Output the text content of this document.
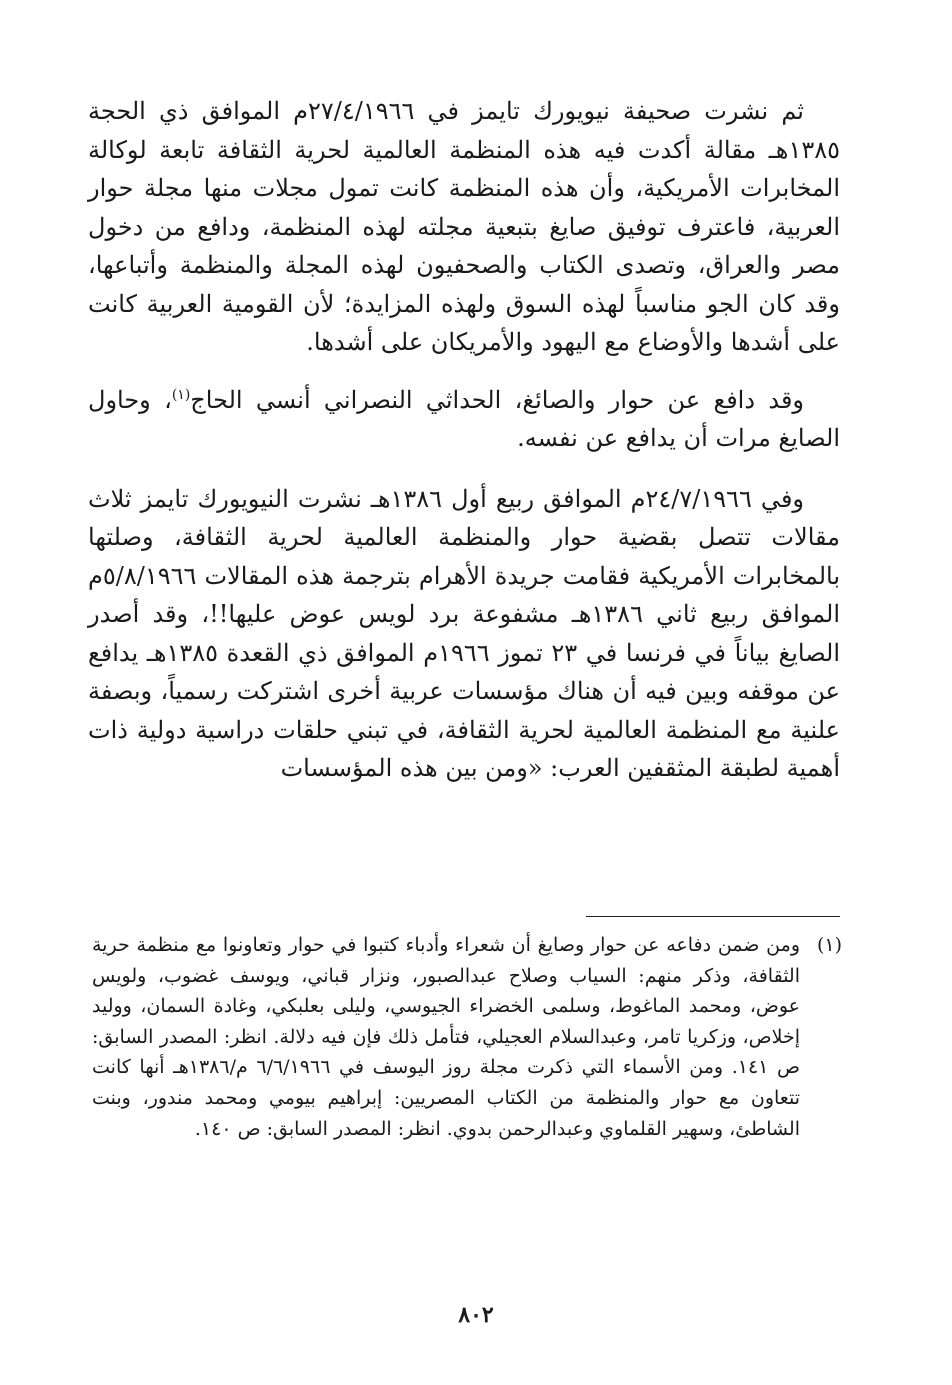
ثم نشرت صحيفة نيويورك تايمز في ٢٧/٤/١٩٦٦م الموافق ذي الحجة ١٣٨٥هـ مقالة أكدت فيه هذه المنظمة العالمية لحرية الثقافة تابعة لوكالة المخابرات الأمريكية، وأن هذه المنظمة كانت تمول مجلات منها مجلة حوار العربية، فاعترف توفيق صايغ بتبعية مجلته لهذه المنظمة، ودافع من دخول مصر والعراق، وتصدى الكتاب والصحفيون لهذه المجلة والمنظمة وأتباعها، وقد كان الجو مناسباً لهذه السوق ولهذه المزايدة؛ لأن القومية العربية كانت على أشدها والأوضاع مع اليهود والأمريكان على أشدها.

وقد دافع عن حوار والصائغ، الحداثي النصراني أنسي الحاج$^{(١)}$، وحاول الصايغ مرات أن يدافع عن نفسه.

وفي ٢٤/٧/١٩٦٦م الموافق ربيع أول ١٣٨٦هـ نشرت النيويورك تايمز ثلاث مقالات تتصل بقضية حوار والمنظمة العالمية لحرية الثقافة، وصلتها بالمخابرات الأمريكية فقامت جريدة الأهرام بترجمة هذه المقالات ٥/٨/١٩٦٦م الموافق ربيع ثاني ١٣٨٦هـ مشفوعة برد لويس عوض عليها!!، وقد أصدر الصايغ بياناً في فرنسا في ٢٣ تموز ١٩٦٦م الموافق ذي القعدة ١٣٨٥هـ يدافع عن موقفه وبين فيه أن هناك مؤسسات عربية أخرى اشتركت رسمياً، وبصفة علنية مع المنظمة العالمية لحرية الثقافة، في تبني حلقات دراسية دولية ذات أهمية لطبقة المثقفين العرب: «ومن بين هذه المؤسسات

(١)
ومن ضمن دفاعه عن حوار وصايغ أن شعراء وأدباء كتبوا في حوار وتعاونوا مع منظمة حرية الثقافة، وذكر منهم: السياب وصلاح عبدالصبور، ونزار قباني، ويوسف غضوب، ولويس عوض، ومحمد الماغوط، وسلمى الخضراء الجيوسي، وليلى بعلبكي، وغادة السمان، ووليد إخلاص، وزكريا تامر، وعبدالسلام العجيلي، فتأمل ذلك فإن فيه دلالة. انظر: المصدر السابق: ص ١٤١. ومن الأسماء التي ذكرت مجلة روز اليوسف في ٦/٦/١٩٦٦ م/١٣٨٦هـ أنها كانت تتعاون مع حوار والمنظمة من الكتاب المصريين: إبراهيم بيومي ومحمد مندور، وبنت الشاطئ، وسهير القلماوي وعبدالرحمن بدوي. انظر: المصدر السابق: ص ١٤٠.
٨٠٢
